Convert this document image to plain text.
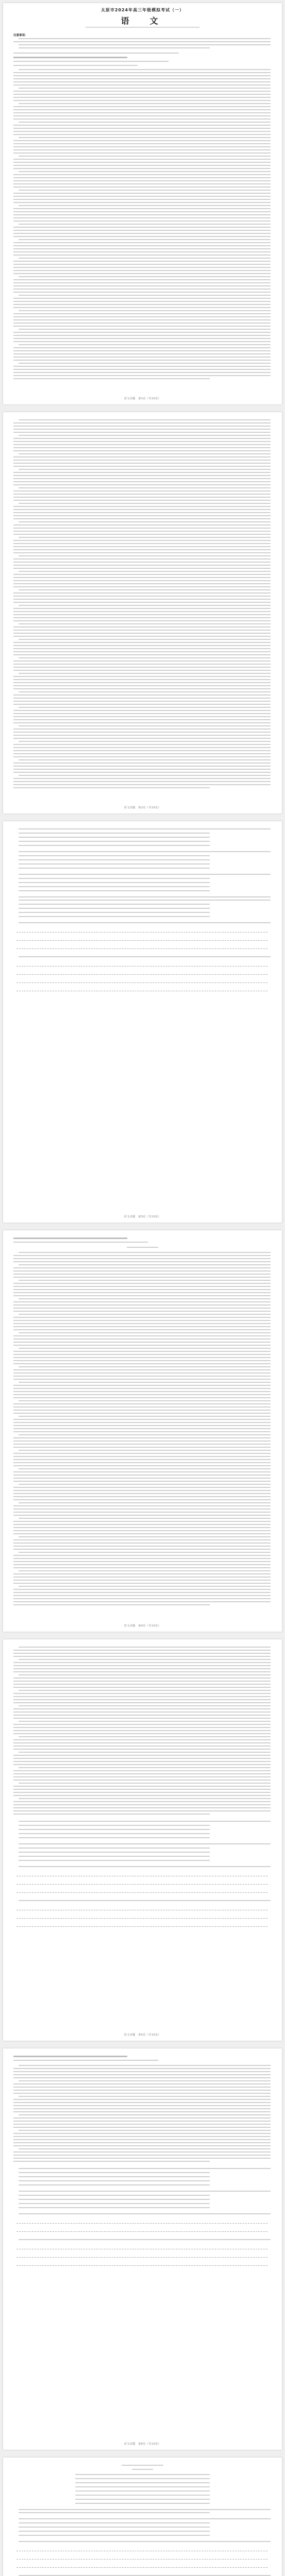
太原市2024年高三年级模拟考试（一）
语　文
注意事项：
语文试题　第1页（共10页）
语文试题　第2页（共10页）
语文试题　第3页（共10页）
语文试题　第4页（共10页）
语文试题　第5页（共10页）
语文试题　第6页（共10页）
